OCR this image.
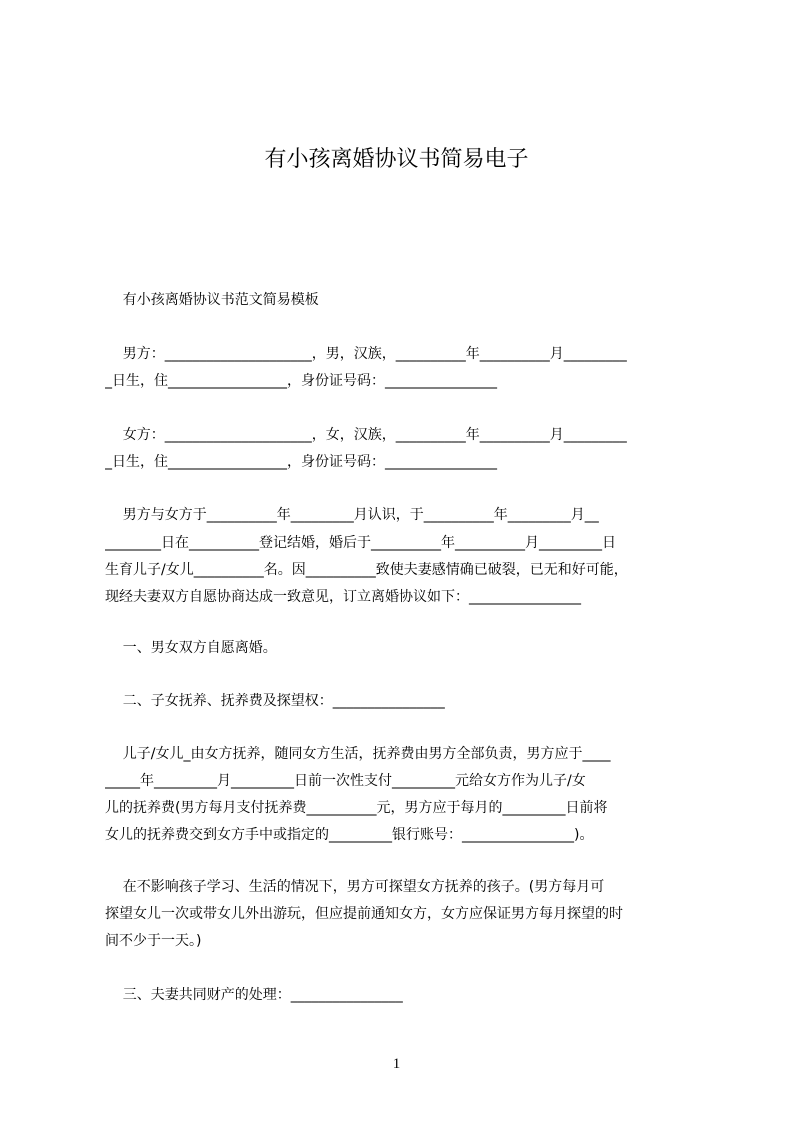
有小孩离婚协议书简易电子
有小孩离婚协议书范文简易模板
男方：_____________________，男，汉族，__________年__________月_________
_日生，住_________________，身份证号码：________________
女方：_____________________，女，汉族，__________年__________月_________
_日生，住_________________，身份证号码：________________
男方与女方于__________年_________月认识，于__________年_________月__
________日在__________登记结婚，婚后于__________年__________月_________日
生育儿子/女儿__________名。因__________致使夫妻感情确已破裂，已无和好可能，
现经夫妻双方自愿协商达成一致意见，订立离婚协议如下：________________
一、男女双方自愿离婚。
二、子女抚养、抚养费及探望权：________________
儿子/女儿_由女方抚养，随同女方生活，抚养费由男方全部负责，男方应于____
_____年_________月_________日前一次性支付_________元给女方作为儿子/女
儿的抚养费(男方每月支付抚养费__________元，男方应于每月的_________日前将
女儿的抚养费交到女方手中或指定的_________银行账号：________________)。
在不影响孩子学习、生活的情况下，男方可探望女方抚养的孩子。(男方每月可
探望女儿一次或带女儿外出游玩，但应提前通知女方，女方应保证男方每月探望的时
间不少于一天。)
三、夫妻共同财产的处理：________________
1
